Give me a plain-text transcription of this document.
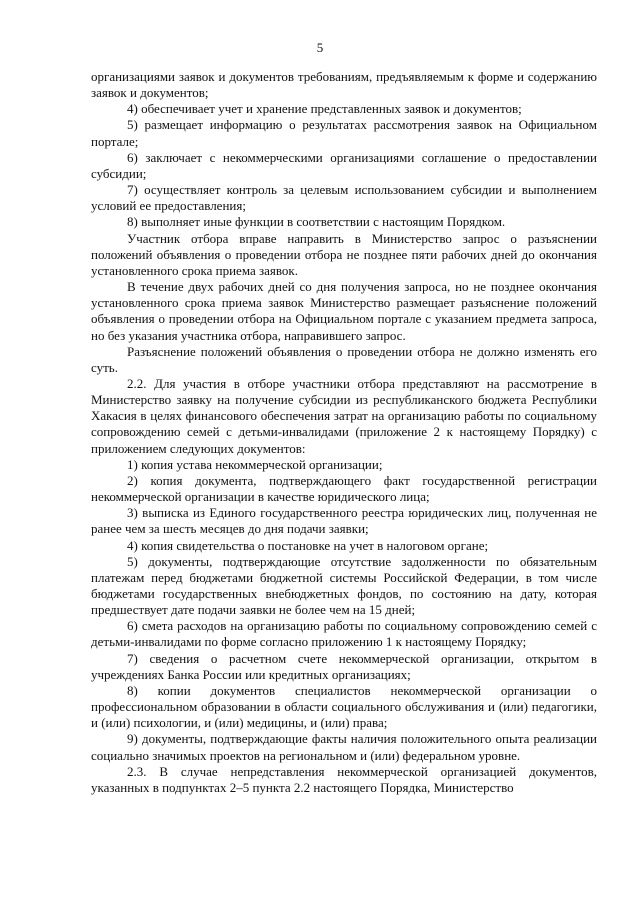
5

организациями заявок и документов требованиям, предъявляемым к форме и содержанию заявок и документов;

4) обеспечивает учет и хранение представленных заявок и документов;

5) размещает информацию о результатах рассмотрения заявок на Официальном портале;

6) заключает с некоммерческими организациями соглашение о предоставлении субсидии;

7) осуществляет контроль за целевым использованием субсидии и выполнением условий ее предоставления;

8) выполняет иные функции в соответствии с настоящим Порядком.

Участник отбора вправе направить в Министерство запрос о разъяснении положений объявления о проведении отбора не позднее пяти рабочих дней до окончания установленного срока приема заявок.

В течение двух рабочих дней со дня получения запроса, но не позднее окончания установленного срока приема заявок Министерство размещает разъяснение положений объявления о проведении отбора на Официальном портале с указанием предмета запроса, но без указания участника отбора, направившего запрос.

Разъяснение положений объявления о проведении отбора не должно изменять его суть.

2.2. Для участия в отборе участники отбора представляют на рассмотрение в Министерство заявку на получение субсидии из республиканского бюджета Республики Хакасия в целях финансового обеспечения затрат на организацию работы по социальному сопровождению семей с детьми-инвалидами (приложение 2 к настоящему Порядку) с приложением следующих документов:

1) копия устава некоммерческой организации;

2) копия документа, подтверждающего факт государственной регистрации некоммерческой организации в качестве юридического лица;

3) выписка из Единого государственного реестра юридических лиц, полученная не ранее чем за шесть месяцев до дня подачи заявки;

4) копия свидетельства о постановке на учет в налоговом органе;

5) документы, подтверждающие отсутствие задолженности по обязательным платежам перед бюджетами бюджетной системы Российской Федерации, в том числе бюджетами государственных внебюджетных фондов, по состоянию на дату, которая предшествует дате подачи заявки не более чем на 15 дней;

6) смета расходов на организацию работы по социальному сопровождению семей с детьми-инвалидами по форме согласно приложению 1 к настоящему Порядку;

7) сведения о расчетном счете некоммерческой организации, открытом в учреждениях Банка России или кредитных организациях;

8) копии документов специалистов некоммерческой организации о профессиональном образовании в области социального обслуживания и (или) педагогики, и (или) психологии, и (или) медицины, и (или) права;

9) документы, подтверждающие факты наличия положительного опыта реализации социально значимых проектов на региональном и (или) федеральном уровне.

2.3. В случае непредставления некоммерческой организацией документов, указанных в подпунктах 2–5 пункта 2.2 настоящего Порядка, Министерство
